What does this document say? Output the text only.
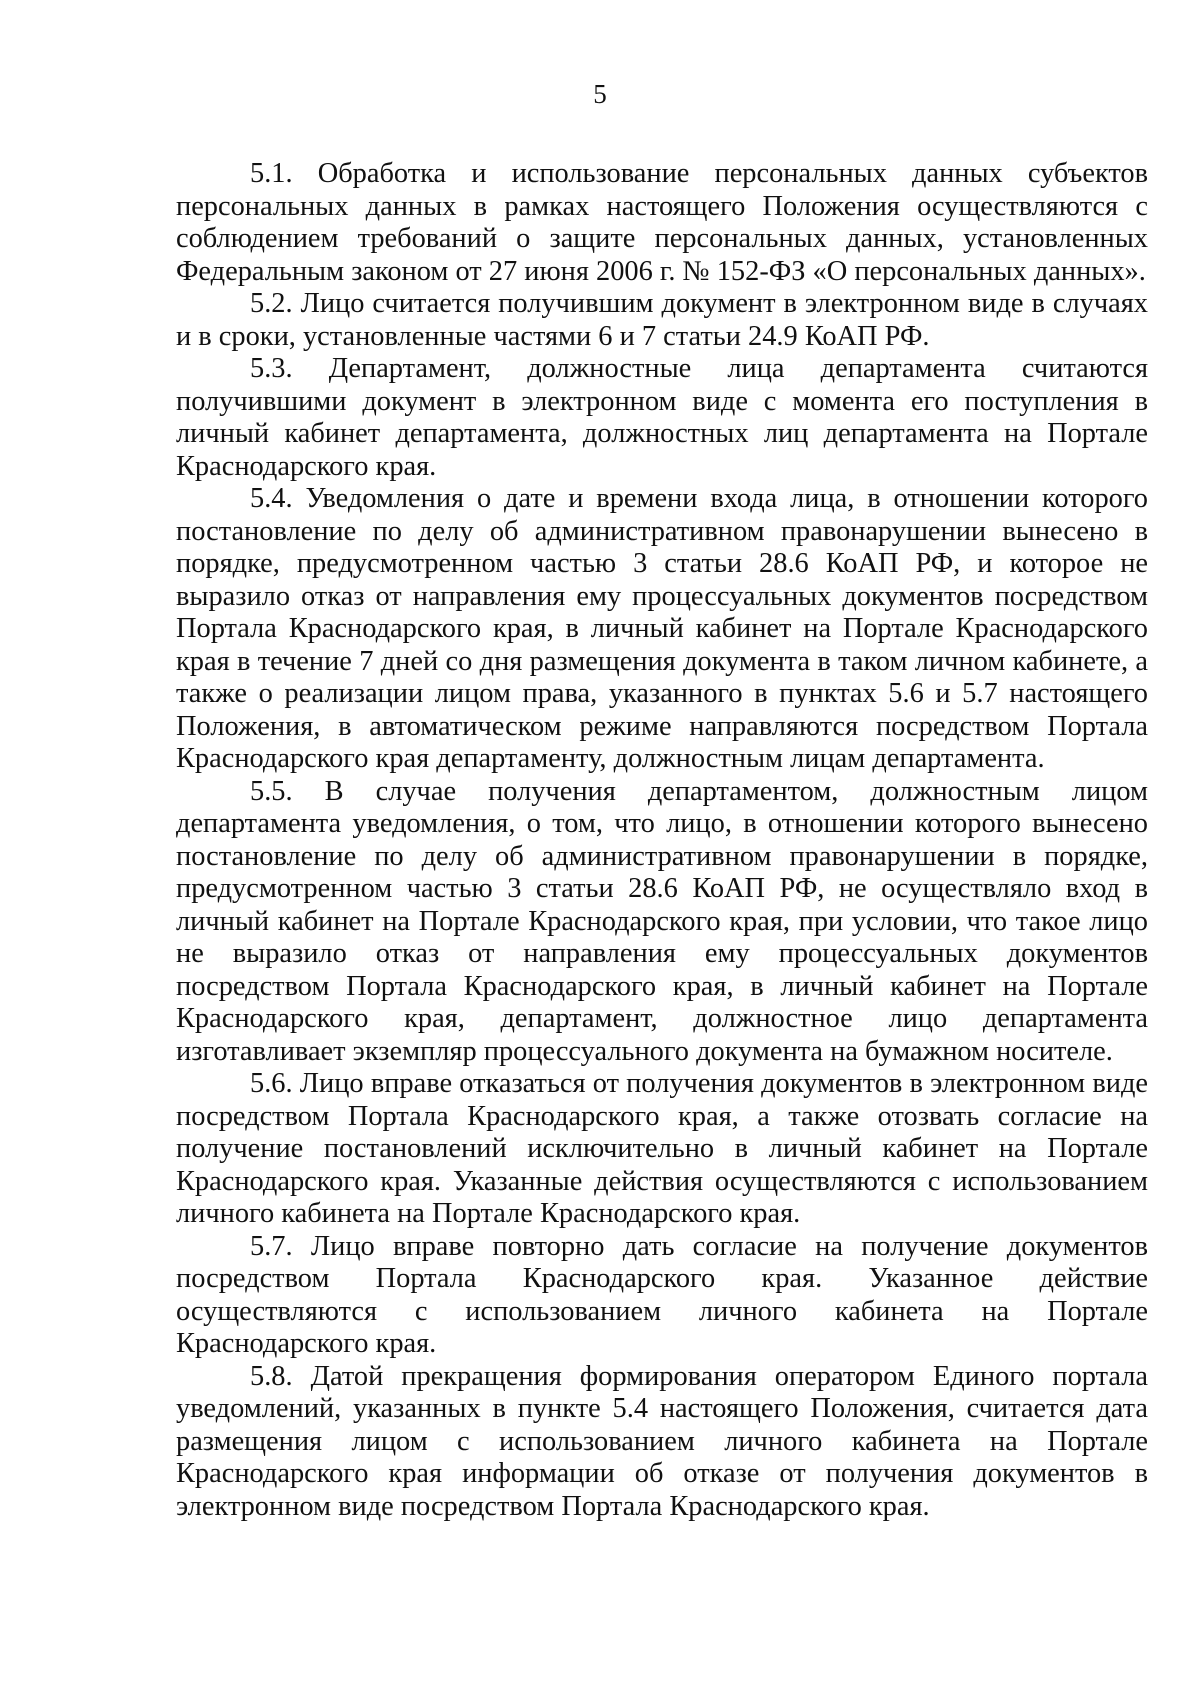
5

5.1. Обработка и использование персональных данных субъектов персональных данных в рамках настоящего Положения осуществляются с соблюдением требований о защите персональных данных, установленных Федеральным законом от 27 июня 2006 г. № 152-ФЗ «О персональных данных».

5.2. Лицо считается получившим документ в электронном виде в случаях и в сроки, установленные частями 6 и 7 статьи 24.9 КоАП РФ.

5.3. Департамент, должностные лица департамента считаются получившими документ в электронном виде с момента его поступления в личный кабинет департамента, должностных лиц департамента на Портале Краснодарского края.

5.4. Уведомления о дате и времени входа лица, в отношении которого постановление по делу об административном правонарушении вынесено в порядке, предусмотренном частью 3 статьи 28.6 КоАП РФ, и которое не выразило отказ от направления ему процессуальных документов посредством Портала Краснодарского края, в личный кабинет на Портале Краснодарского края в течение 7 дней со дня размещения документа в таком личном кабинете, а также о реализации лицом права, указанного в пунктах 5.6 и 5.7 настоящего Положения, в автоматическом режиме направляются посредством Портала Краснодарского края департаменту, должностным лицам департамента.

5.5. В случае получения департаментом, должностным лицом департамента уведомления, о том, что лицо, в отношении которого вынесено постановление по делу об административном правонарушении в порядке, предусмотренном частью 3 статьи 28.6 КоАП РФ, не осуществляло вход в личный кабинет на Портале Краснодарского края, при условии, что такое лицо не выразило отказ от направления ему процессуальных документов посредством Портала Краснодарского края, в личный кабинет на Портале Краснодарского края, департамент, должностное лицо департамента изготавливает экземпляр процессуального документа на бумажном носителе.

5.6. Лицо вправе отказаться от получения документов в электронном виде посредством Портала Краснодарского края, а также отозвать согласие на получение постановлений исключительно в личный кабинет на Портале Краснодарского края. Указанные действия осуществляются с использованием личного кабинета на Портале Краснодарского края.

5.7. Лицо вправе повторно дать согласие на получение документов посредством Портала Краснодарского края. Указанное действие осуществляются с использованием личного кабинета на Портале Краснодарского края.

5.8. Датой прекращения формирования оператором Единого портала уведомлений, указанных в пункте 5.4 настоящего Положения, считается дата размещения лицом с использованием личного кабинета на Портале Краснодарского края информации об отказе от получения документов в электронном виде посредством Портала Краснодарского края.
